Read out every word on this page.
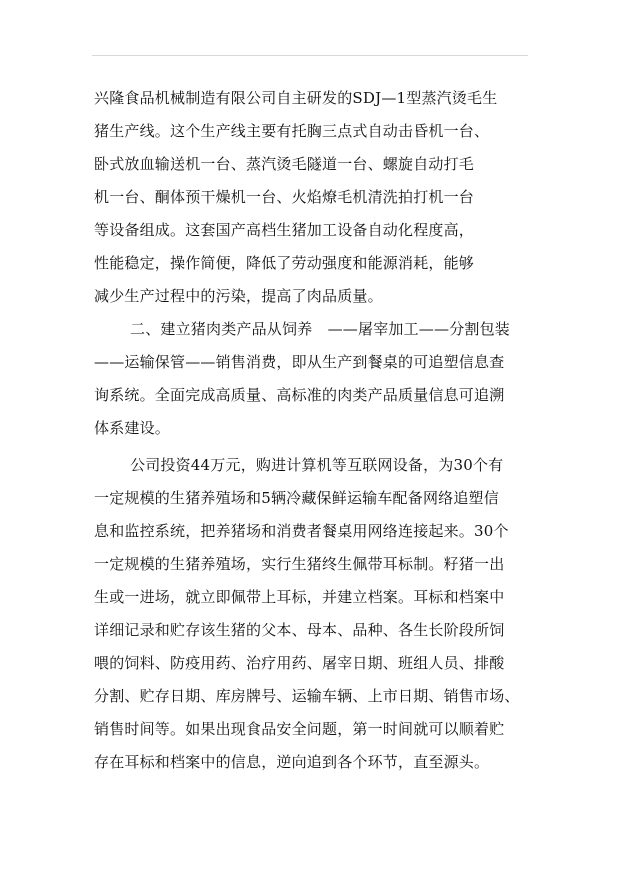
兴隆食品机械制造有限公司自主研发的SDJ—1型蒸汽烫毛生
猪生产线。这个生产线主要有托胸三点式自动击昏机一台、
卧式放血输送机一台、蒸汽烫毛隧道一台、螺旋自动打毛
机一台、酮体预干燥机一台、火焰燎毛机清洗拍打机一台
等设备组成。这套国产高档生猪加工设备自动化程度高，
性能稳定，操作简便，降低了劳动强度和能源消耗，能够
减少生产过程中的污染，提高了肉品质量。
二、建立猪肉类产品从饲养　——屠宰加工——分割包装
——运输保管——销售消费，即从生产到餐桌的可追塑信息查
询系统。全面完成高质量、高标准的肉类产品质量信息可追溯
体系建设。
公司投资44万元，购进计算机等互联网设备，为30个有
一定规模的生猪养殖场和5辆冷藏保鲜运输车配备网络追塑信
息和监控系统，把养猪场和消费者餐桌用网络连接起来。30个
一定规模的生猪养殖场，实行生猪终生佩带耳标制。籽猪一出
生或一进场，就立即佩带上耳标，并建立档案。耳标和档案中
详细记录和贮存该生猪的父本、母本、品种、各生长阶段所饲
喂的饲料、防疫用药、治疗用药、屠宰日期、班组人员、排酸
分割、贮存日期、库房牌号、运输车辆、上市日期、销售市场、
销售时间等。如果出现食品安全问题，第一时间就可以顺着贮
存在耳标和档案中的信息，逆向追到各个环节，直至源头。
